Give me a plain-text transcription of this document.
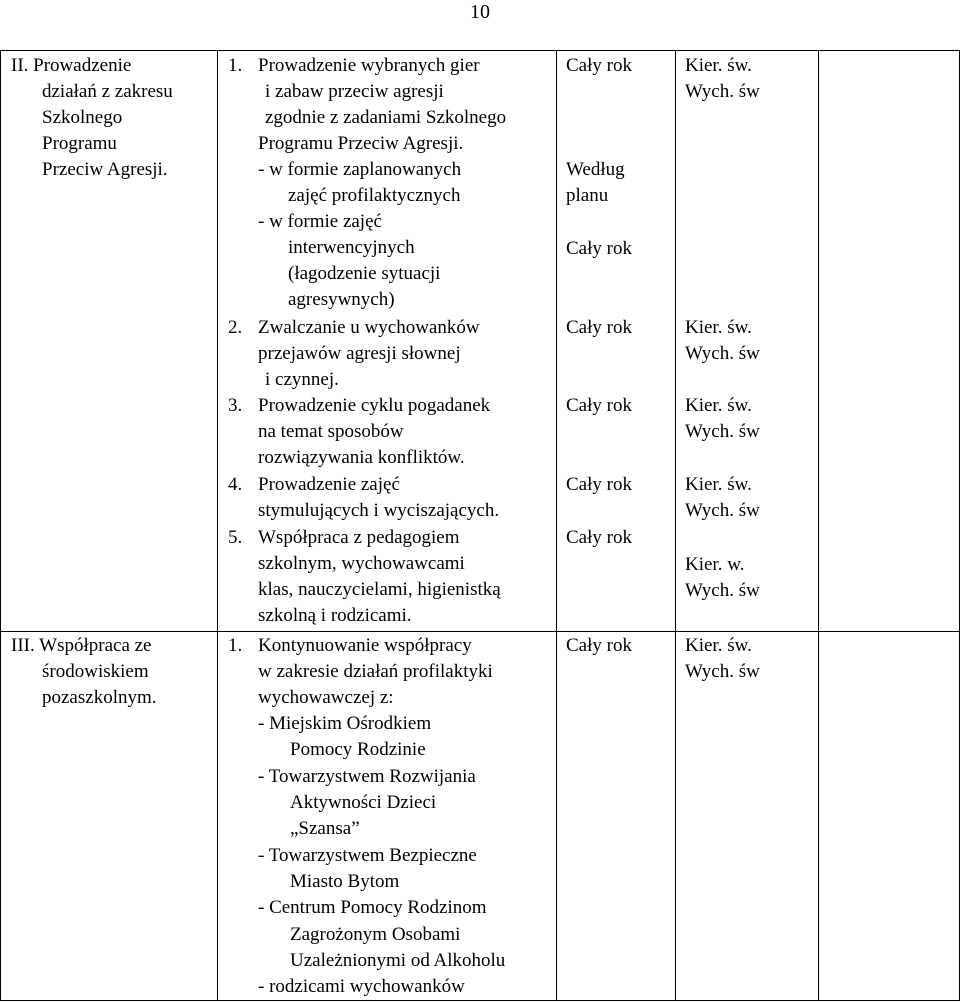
10
II. Prowadzenie
działań z zakresu
Szkolnego
Programu
Przeciw Agresji.
1. Prowadzenie wybranych gier
i zabaw przeciw agresji
zgodnie z zadaniami Szkolnego
Programu Przeciw Agresji.
- w formie zaplanowanych
zajęć profilaktycznych
- w formie zajęć
interwencyjnych
(łagodzenie sytuacji
agresywnych)
2. Zwalczanie u wychowanków
przejawów agresji słownej
i czynnej.
3. Prowadzenie cyklu pogadanek
na temat sposobów
rozwiązywania konfliktów.
4. Prowadzenie zajęć
stymulujących i wyciszających.
5. Współpraca z pedagogiem
szkolnym, wychowawcami
klas, nauczycielami, higienistką
szkolną i rodzicami.
Cały rok
Według
planu
Cały rok
Cały rok
Cały rok
Cały rok
Cały rok
Kier. św.
Wych. św
Kier. św.
Wych. św
Kier. św.
Wych. św
Kier. św.
Wych. św
Kier. w.
Wych. św
III. Współpraca ze
środowiskiem
pozaszkolnym.
1. Kontynuowanie współpracy
w zakresie działań profilaktyki
wychowawczej z:
- Miejskim Ośrodkiem
Pomocy Rodzinie
- Towarzystwem Rozwijania
Aktywności Dzieci
„Szansa”
- Towarzystwem Bezpieczne
Miasto Bytom
- Centrum Pomocy Rodzinom
Zagrożonym Osobami
Uzależnionymi od Alkoholu
- rodzicami wychowanków
Cały rok	Kier. św.
Wych. św
